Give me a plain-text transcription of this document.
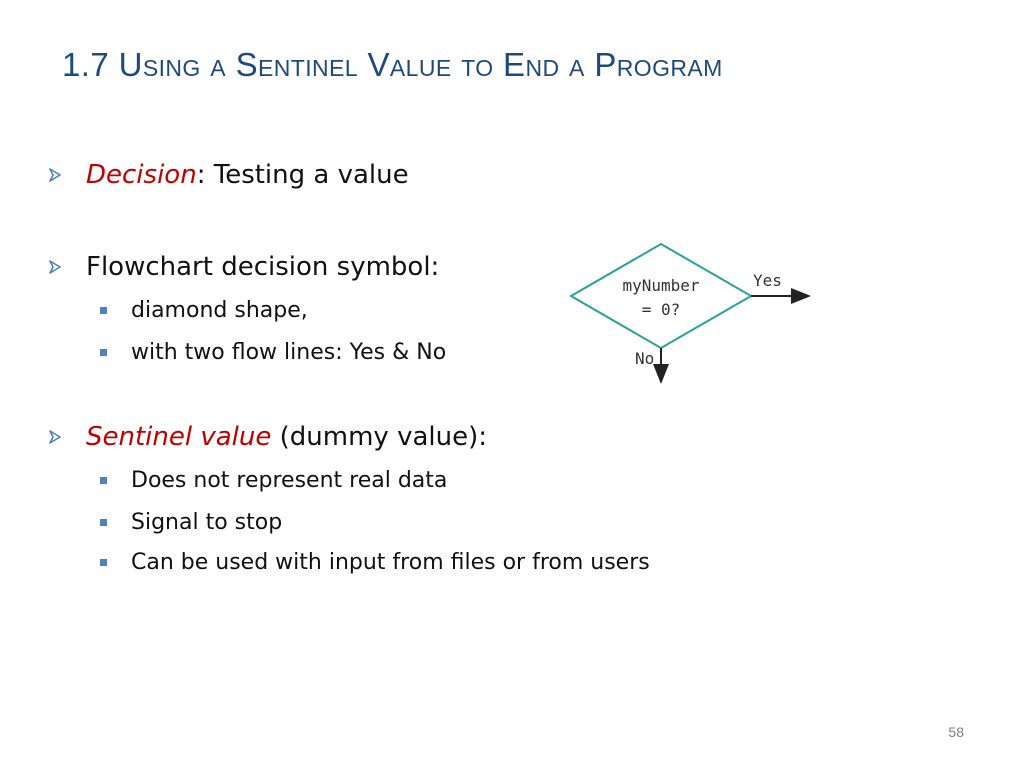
1.7 Using a Sentinel Value to End a Program
Decision: Testing a value
Flowchart decision symbol:
diamond shape,
with two flow lines: Yes & No
Sentinel value (dummy value):
Does not represent real data
Signal to stop
Can be used with input from files or from users
myNumber
= 0?
Yes
No
58
